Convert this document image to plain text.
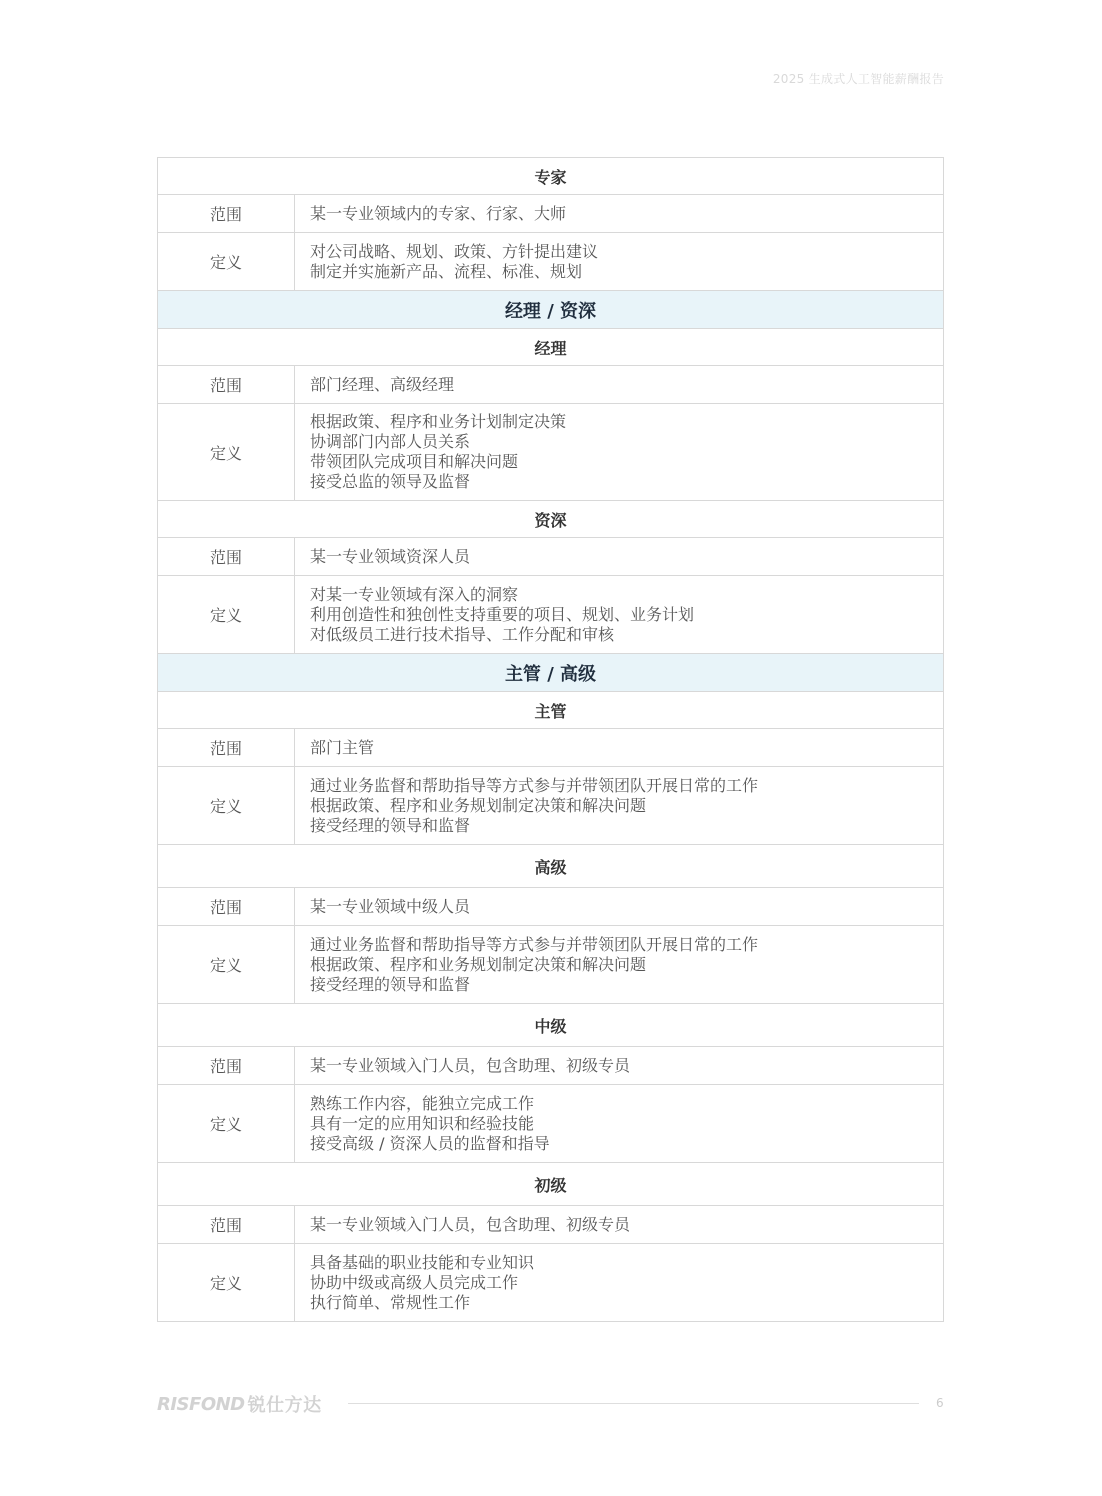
2025 生成式人工智能薪酬报告
专家	
范围	某一专业领域内的专家、行家、大师
定义	对公司战略、规划、政策、方针提出建议
制定并实施新产品、流程、标准、规划

经理 / 资深	
经理	
范围	部门经理、高级经理
定义	根据政策、程序和业务计划制定决策
协调部门内部人员关系
带领团队完成项目和解决问题
接受总监的领导及监督

资深	
范围	某一专业领域资深人员
定义	对某一专业领域有深入的洞察
利用创造性和独创性支持重要的项目、规划、业务计划
对低级员工进行技术指导、工作分配和审核

主管 / 高级	
主管	
范围	部门主管
定义	通过业务监督和帮助指导等方式参与并带领团队开展日常的工作
根据政策、程序和业务规划制定决策和解决问题
接受经理的领导和监督

高级	
范围	某一专业领域中级人员
定义	通过业务监督和帮助指导等方式参与并带领团队开展日常的工作
根据政策、程序和业务规划制定决策和解决问题
接受经理的领导和监督

中级	
范围	某一专业领域入门人员，包含助理、初级专员
定义	熟练工作内容，能独立完成工作
具有一定的应用知识和经验技能
接受高级 / 资深人员的监督和指导

初级	
范围	某一专业领域入门人员，包含助理、初级专员
定义	具备基础的职业技能和专业知识
协助中级或高级人员完成工作
执行简单、常规性工作
RISFOND 锐仕方达	6
